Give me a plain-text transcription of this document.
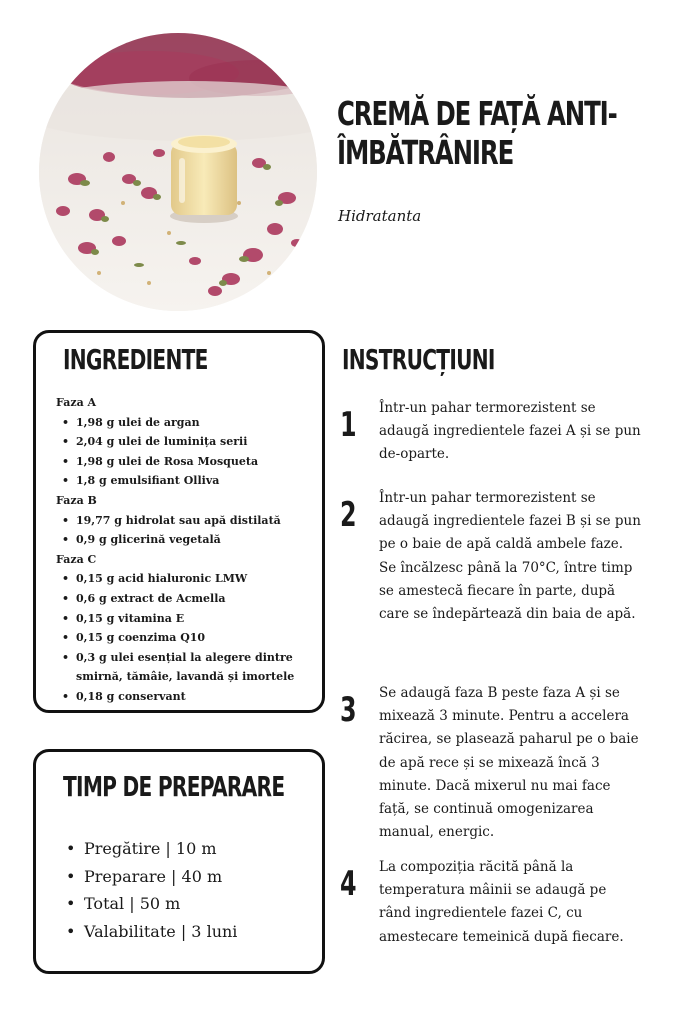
CREMĂ DE FAȚĂ ANTI-
ÎMBĂTRÂNIRE
Hidratanta
INGREDIENTE
Faza A
• 1,98 g ulei de argan
• 2,04 g ulei de luminița serii
• 1,98 g ulei de Rosa Mosqueta
• 1,8 g emulsifiant Olliva
Faza B
• 19,77 g hidrolat sau apă distilată
• 0,9 g glicerină vegetală
Faza C
• 0,15 g acid hialuronic LMW
• 0,6 g extract de Acmella
• 0,15 g vitamina E
• 0,15 g coenzima Q10
• 0,3 g ulei esențial la alegere dintre smirnă, tămâie, lavandă și imortele
• 0,18 g conservant
TIMP DE PREPARARE
• Pregătire | 10 m
• Preparare | 40 m
• Total | 50 m
• Valabilitate | 3 luni
INSTRUCȚIUNI
1 Într-un pahar termorezistent se adaugă ingredientele fazei A și se pun de-oparte.
2 Într-un pahar termorezistent se adaugă ingredientele fazei B și se pun pe o baie de apă caldă ambele faze. Se încălzesc până la 70°C, între timp se amestecă fiecare în parte, după care se îndepărtează din baia de apă.
3 Se adaugă faza B peste faza A și se mixează 3 minute. Pentru a accelera răcirea, se plasează paharul pe o baie de apă rece și se mixează încă 3 minute. Dacă mixerul nu mai face față, se continuă omogenizarea manual, energic.
4 La compoziția răcită până la temperatura mâinii se adaugă pe rând ingredientele fazei C, cu amestecare temeinică după fiecare.
